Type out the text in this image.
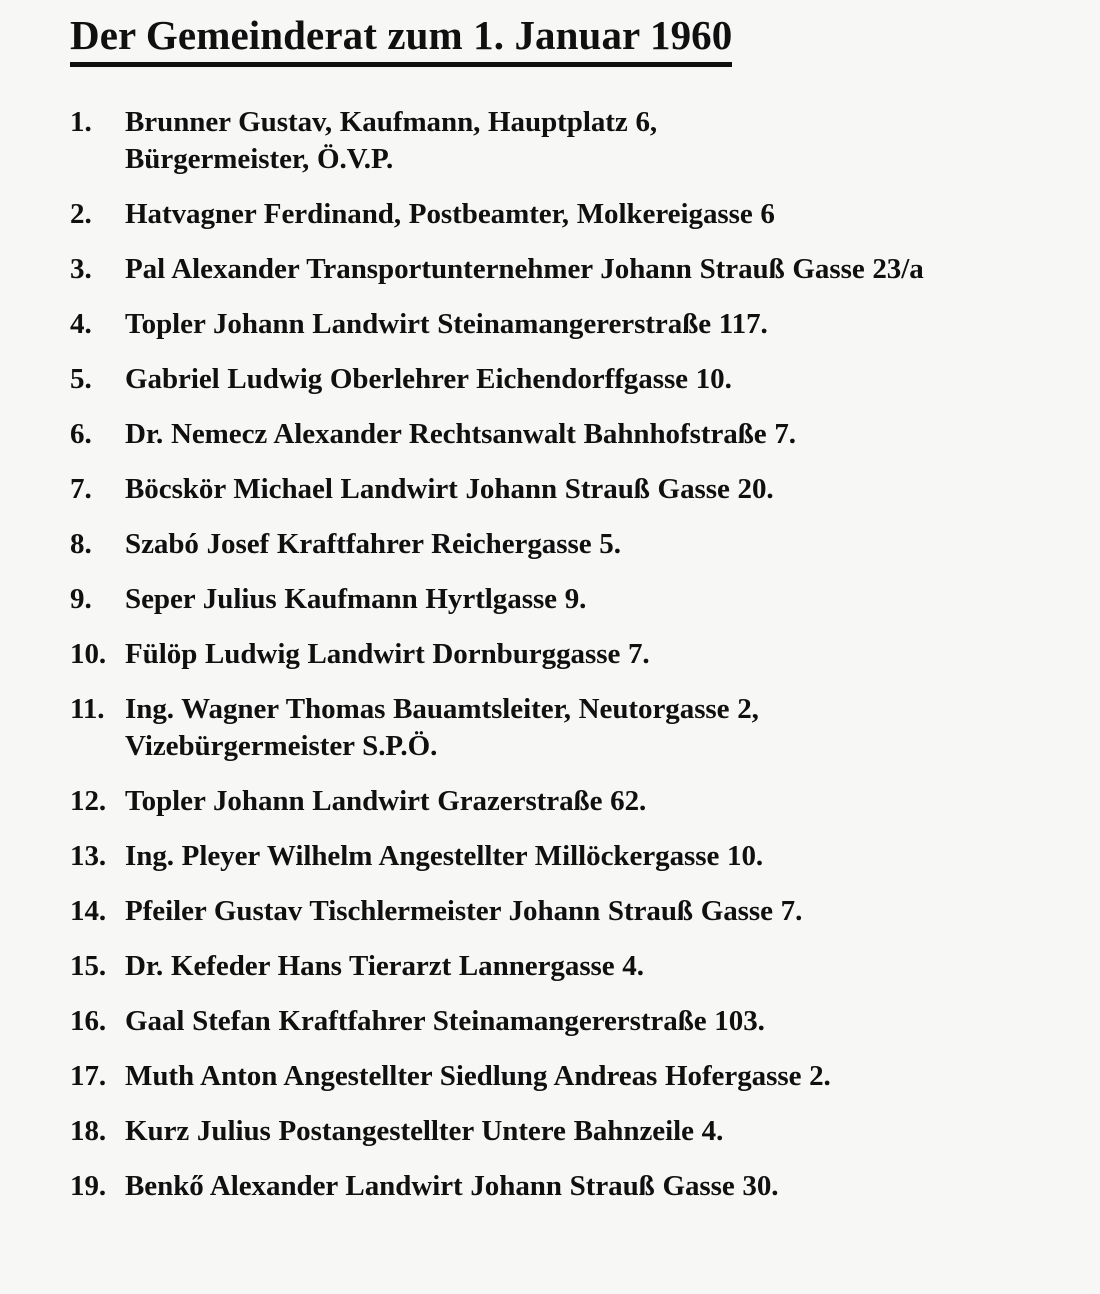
Der Gemeinderat zum 1. Januar 1960
1.	Brunner Gustav, Kaufmann, Hauptplatz 6,
Bürgermeister, Ö.V.P.
2.	Hatvagner Ferdinand, Postbeamter, Molkereigasse 6
3.	Pal Alexander Transportunternehmer Johann Strauß Gasse 23/a
4.	Topler Johann Landwirt Steinamangererstraße 117.
5.	Gabriel Ludwig Oberlehrer Eichendorffgasse 10.
6.	Dr. Nemecz Alexander Rechtsanwalt Bahnhofstraße 7.
7.	Böcskör Michael Landwirt Johann Strauß Gasse 20.
8.	Szabó Josef Kraftfahrer Reichergasse 5.
9.	Seper Julius Kaufmann Hyrtlgasse 9.
10. Fülöp Ludwig Landwirt Dornburggasse 7.
11. Ing. Wagner Thomas Bauamtsleiter, Neutorgasse 2,
Vizebürgermeister S.P.Ö.
12. Topler Johann Landwirt Grazerstraße 62.
13. Ing. Pleyer Wilhelm Angestellter Millöckergasse 10.
14. Pfeiler Gustav Tischlermeister Johann Strauß Gasse 7.
15. Dr. Kefeder Hans Tierarzt Lannergasse 4.
16. Gaal Stefan Kraftfahrer Steinamangererstraße 103.
17. Muth Anton Angestellter Siedlung Andreas Hofergasse 2.
18. Kurz Julius Postangestellter Untere Bahnzeile 4.
19. Benkő Alexander Landwirt Johann Strauß Gasse 30.
